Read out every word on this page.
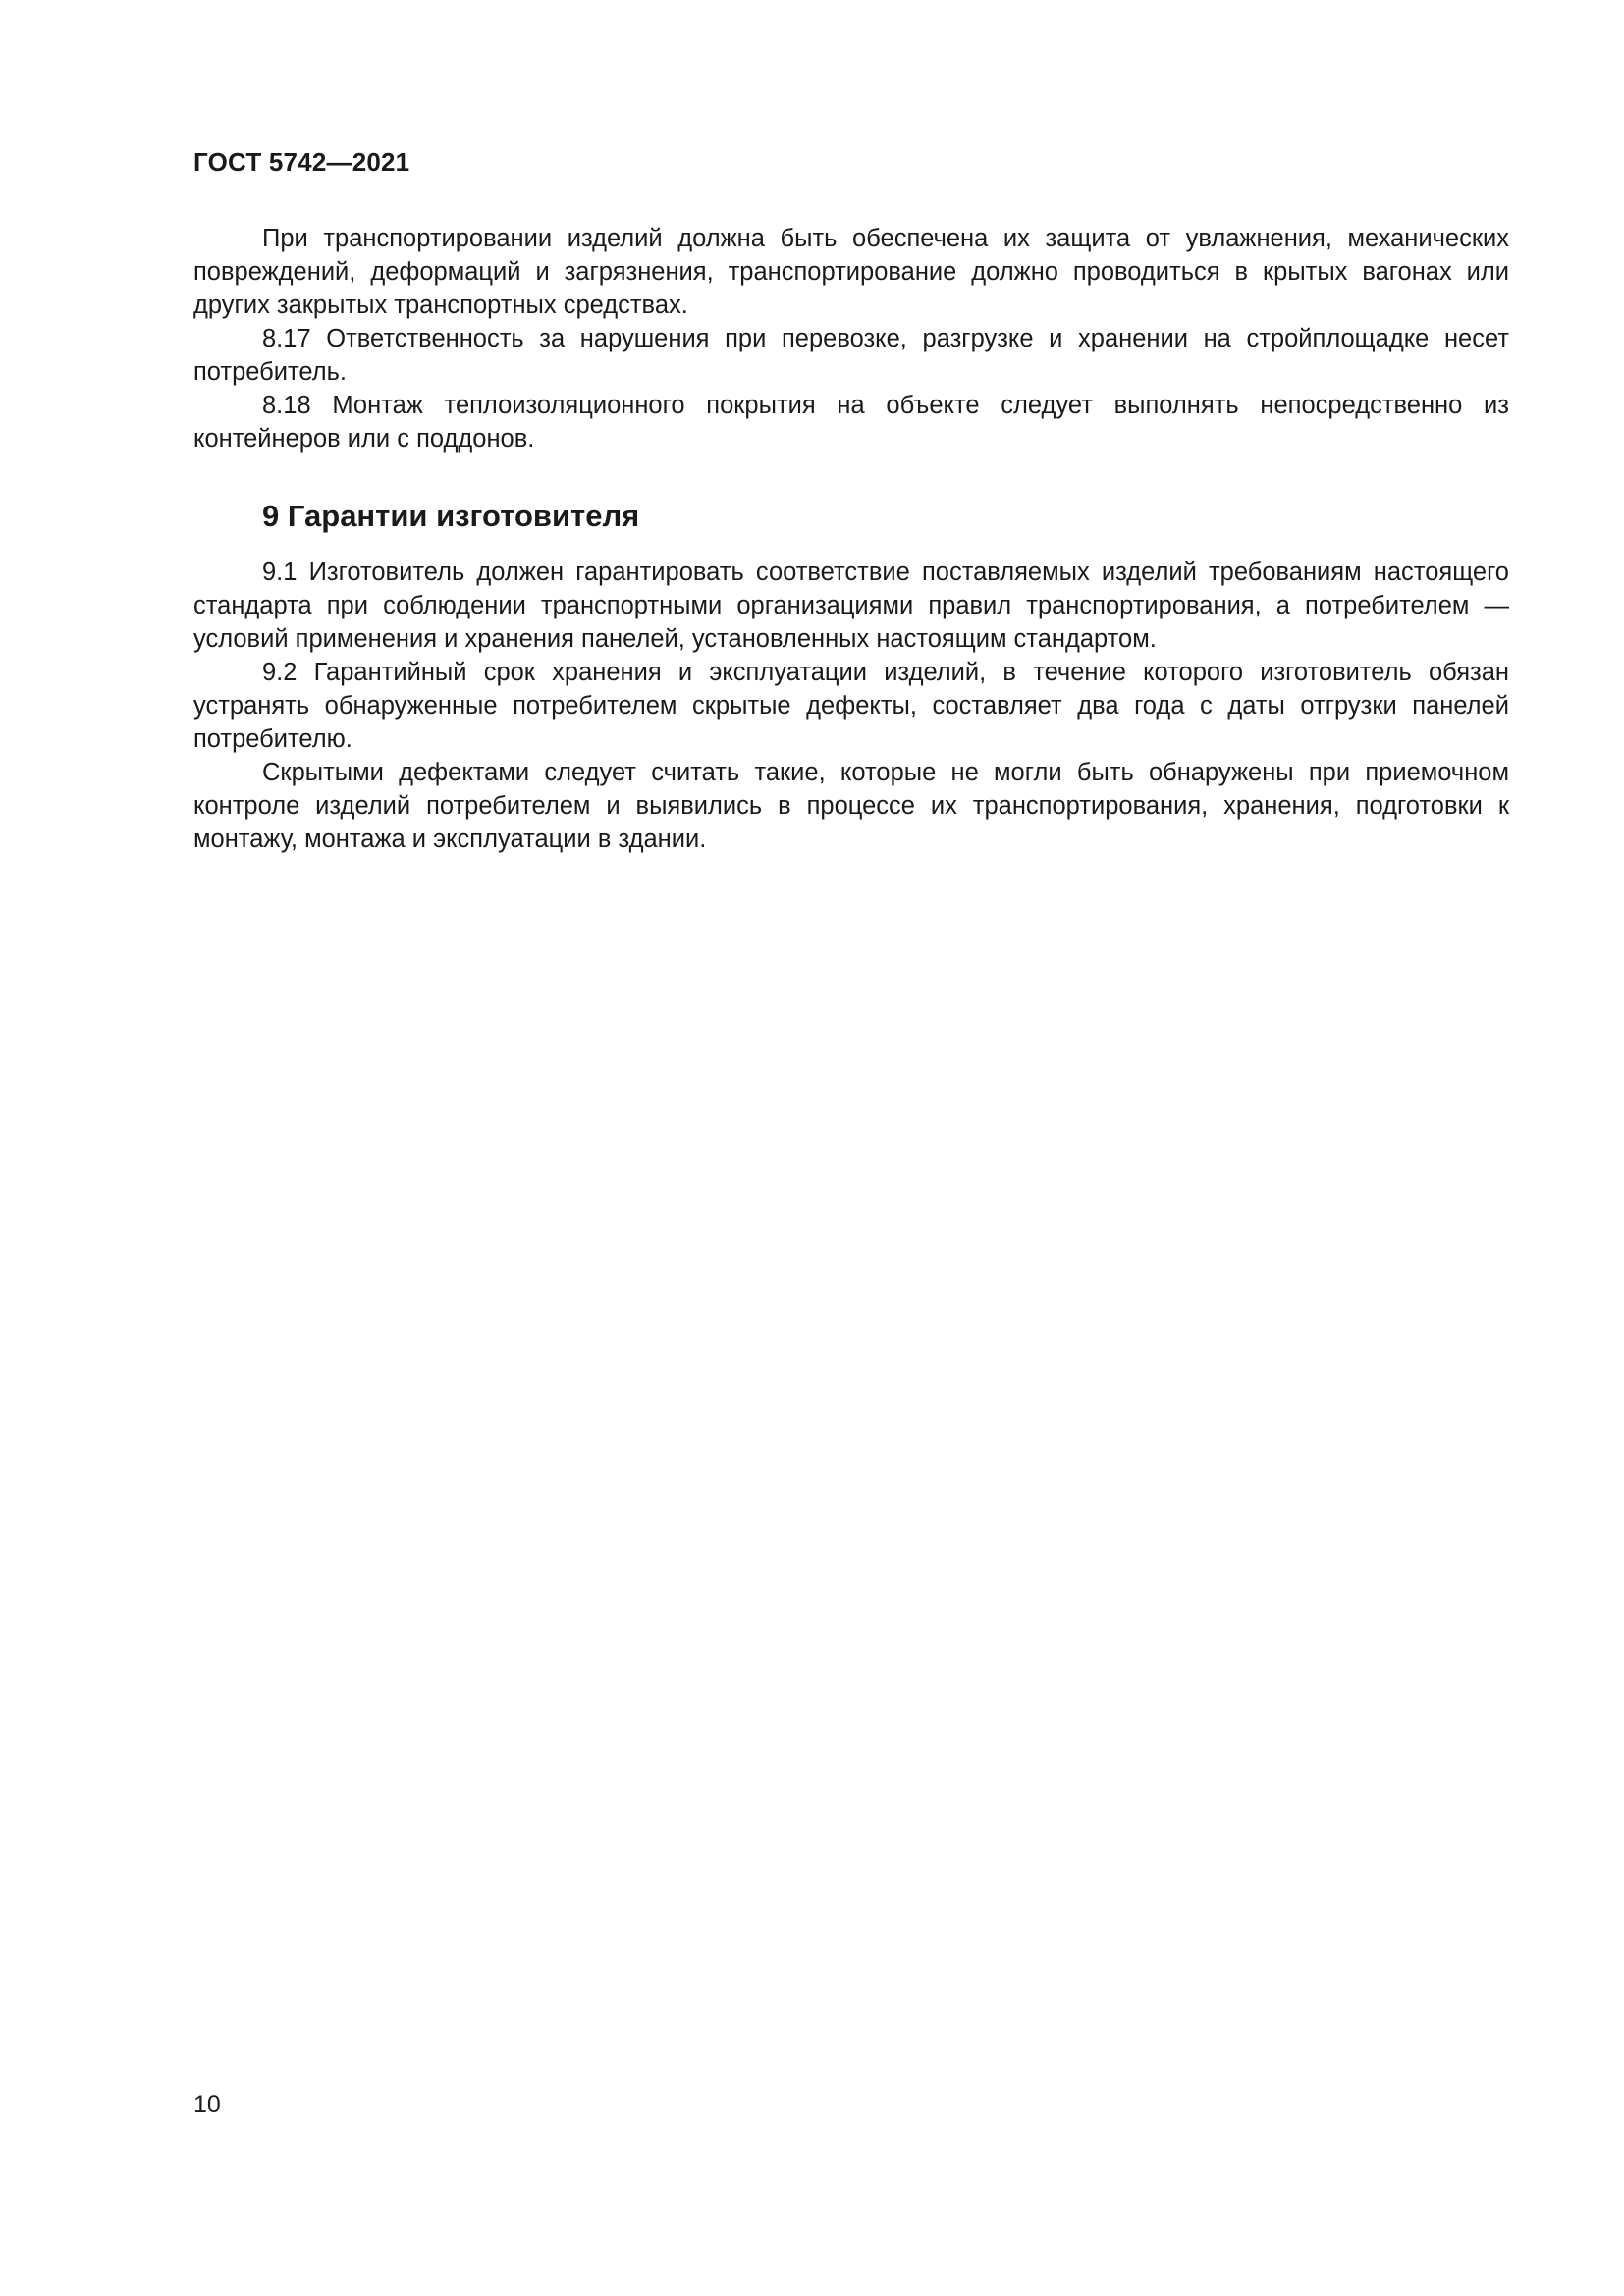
ГОСТ 5742—2021

При транспортировании изделий должна быть обеспечена их защита от увлажнения, механических повреждений, деформаций и загрязнения, транспортирование должно проводиться в крытых вагонах или других закрытых транспортных средствах.

8.17 Ответственность за нарушения при перевозке, разгрузке и хранении на стройплощадке несет потребитель.

8.18 Монтаж теплоизоляционного покрытия на объекте следует выполнять непосредственно из контейнеров или с поддонов.

9 Гарантии изготовителя

9.1 Изготовитель должен гарантировать соответствие поставляемых изделий требованиям настоящего стандарта при соблюдении транспортными организациями правил транспортирования, а потребителем — условий применения и хранения панелей, установленных настоящим стандартом.

9.2 Гарантийный срок хранения и эксплуатации изделий, в течение которого изготовитель обязан устранять обнаруженные потребителем скрытые дефекты, составляет два года с даты отгрузки панелей потребителю.

Скрытыми дефектами следует считать такие, которые не могли быть обнаружены при приемочном контроле изделий потребителем и выявились в процессе их транспортирования, хранения, подготовки к монтажу, монтажа и эксплуатации в здании.

10
